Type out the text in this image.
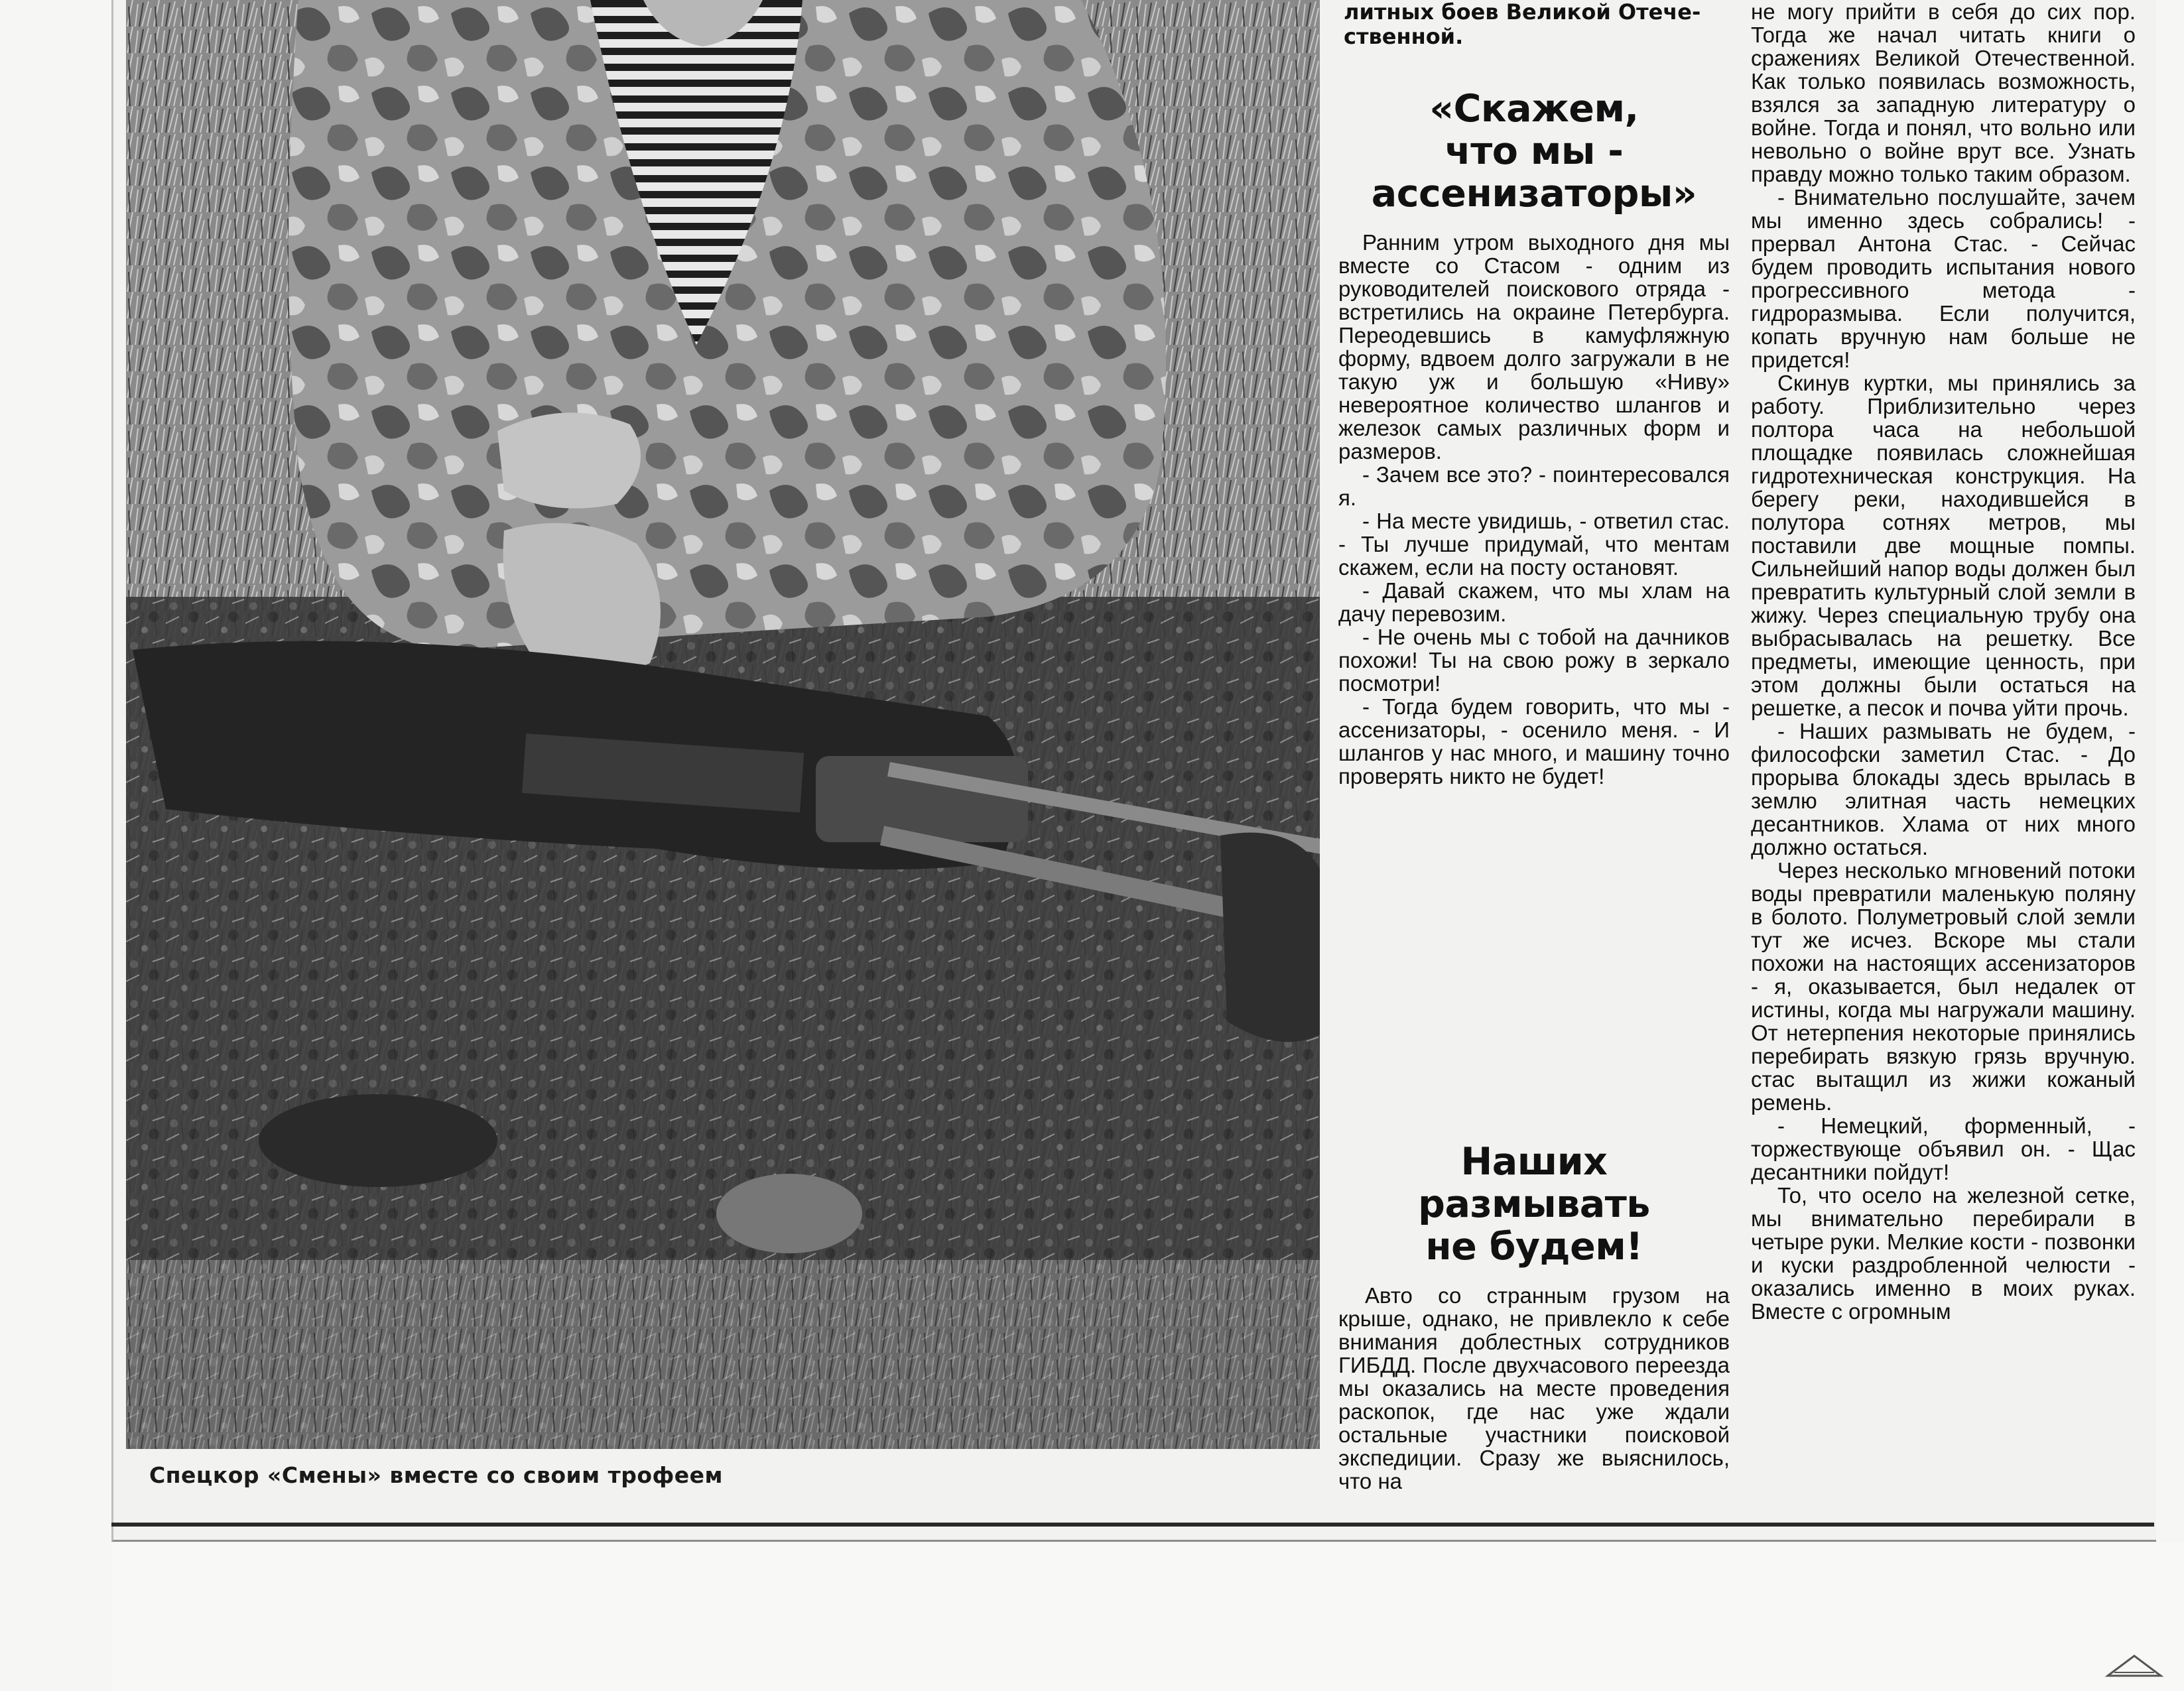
Спецкор «Смены» вместе со своим трофеем
литных боев Великой Отече-
ственной.
«Скажем,
что мы -
ассенизаторы»

Ранним утром выходного дня мы вместе со Стасом - одним из руководителей поискового отряда - встретились на окраине Петербурга. Переодевшись в камуфляжную форму, вдвоем долго загружали в не такую уж и большую «Ниву» невероятное количество шлангов и железок самых различных форм и размеров.

- Зачем все это? - поинтересовался я.

- На месте увидишь, - ответил стас. - Ты лучше придумай, что ментам скажем, если на посту остановят.

- Давай скажем, что мы хлам на дачу перевозим.

- Не очень мы с тобой на дачников похожи! Ты на свою рожу в зеркало посмотри!

- Тогда будем говорить, что мы - ассенизаторы, - осенило меня. - И шлангов у нас много, и машину точно проверять никто не будет!

Наших
размывать
не будем!

Авто со странным грузом на крыше, однако, не привлекло к себе внимания доблестных сотрудников ГИБДД. После двухчасового переезда мы оказались на месте проведения раскопок, где нас уже ждали остальные участники поисковой экспедиции. Сразу же выяснилось, что на

не могу прийти в себя до сих пор. Тогда же начал читать книги о сражениях Великой Отечественной. Как только появилась возможность, взялся за западную литературу о войне. Тогда и понял, что вольно или невольно о войне врут все. Узнать правду можно только таким образом.

- Внимательно послушайте, зачем мы именно здесь собрались! - прервал Антона Стас. - Сейчас будем проводить испытания нового прогрессивного метода - гидроразмыва. Если получится, копать вручную нам больше не придется!

Скинув куртки, мы принялись за работу. Приблизительно через полтора часа на небольшой площадке появилась сложнейшая гидротехническая конструкция. На берегу реки, находившейся в полутора сотнях метров, мы поставили две мощные помпы. Сильнейший напор воды должен был превратить культурный слой земли в жижу. Через специальную трубу она выбрасывалась на решетку. Все предметы, имеющие ценность, при этом должны были остаться на решетке, а песок и почва уйти прочь.

- Наших размывать не будем, - философски заметил Стас. - До прорыва блокады здесь врылась в землю элитная часть немецких десантников. Хлама от них много должно остаться.

Через несколько мгновений потоки воды превратили маленькую поляну в болото. Полуметровый слой земли тут же исчез. Вскоре мы стали похожи на настоящих ассенизаторов - я, оказывается, был недалек от истины, когда мы нагружали машину. От нетерпения некоторые принялись перебирать вязкую грязь вручную. стас вытащил из жижи кожаный ремень.

- Немецкий, форменный, - торжествующе объявил он. - Щас десантники пойдут!

То, что осело на железной сетке, мы внимательно перебирали в четыре руки. Мелкие кости - позвонки и куски раздробленной челюсти - оказались именно в моих руках. Вместе с огромным
